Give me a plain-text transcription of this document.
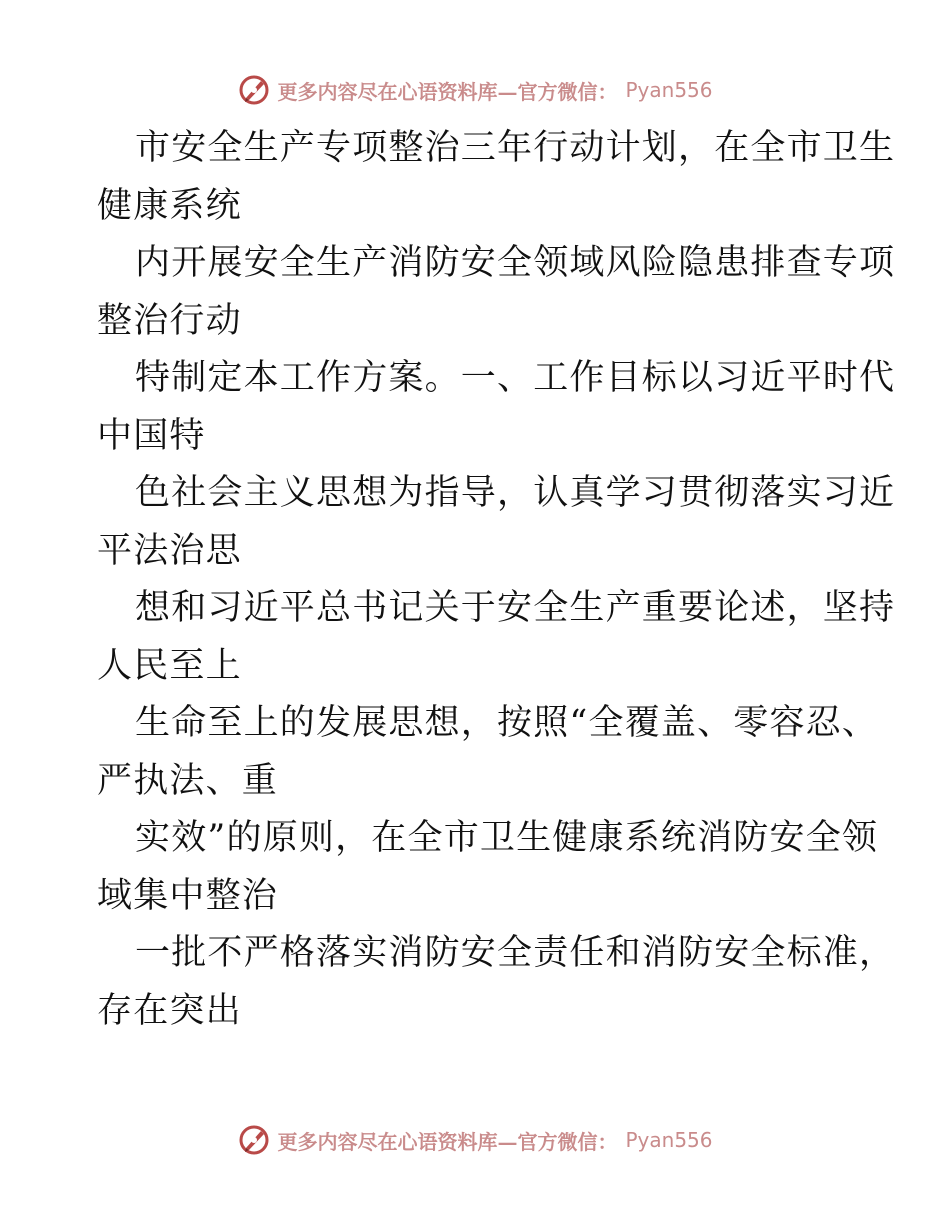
更多内容尽在心语资料库—官方微信： Pyan556

市安全生产专项整治三年行动计划，在全市卫生
健康系统

内开展安全生产消防安全领域风险隐患排查专项
整治行动

特制定本工作方案。一、工作目标以习近平时代
中国特

色社会主义思想为指导，认真学习贯彻落实习近
平法治思

想和习近平总书记关于安全生产重要论述，坚持
人民至上

生命至上的发展思想，按照“全覆盖、零容忍、
严执法、重

实效”的原则，在全市卫生健康系统消防安全领
域集中整治

一批不严格落实消防安全责任和消防安全标准，
存在突出

更多内容尽在心语资料库—官方微信： Pyan556
